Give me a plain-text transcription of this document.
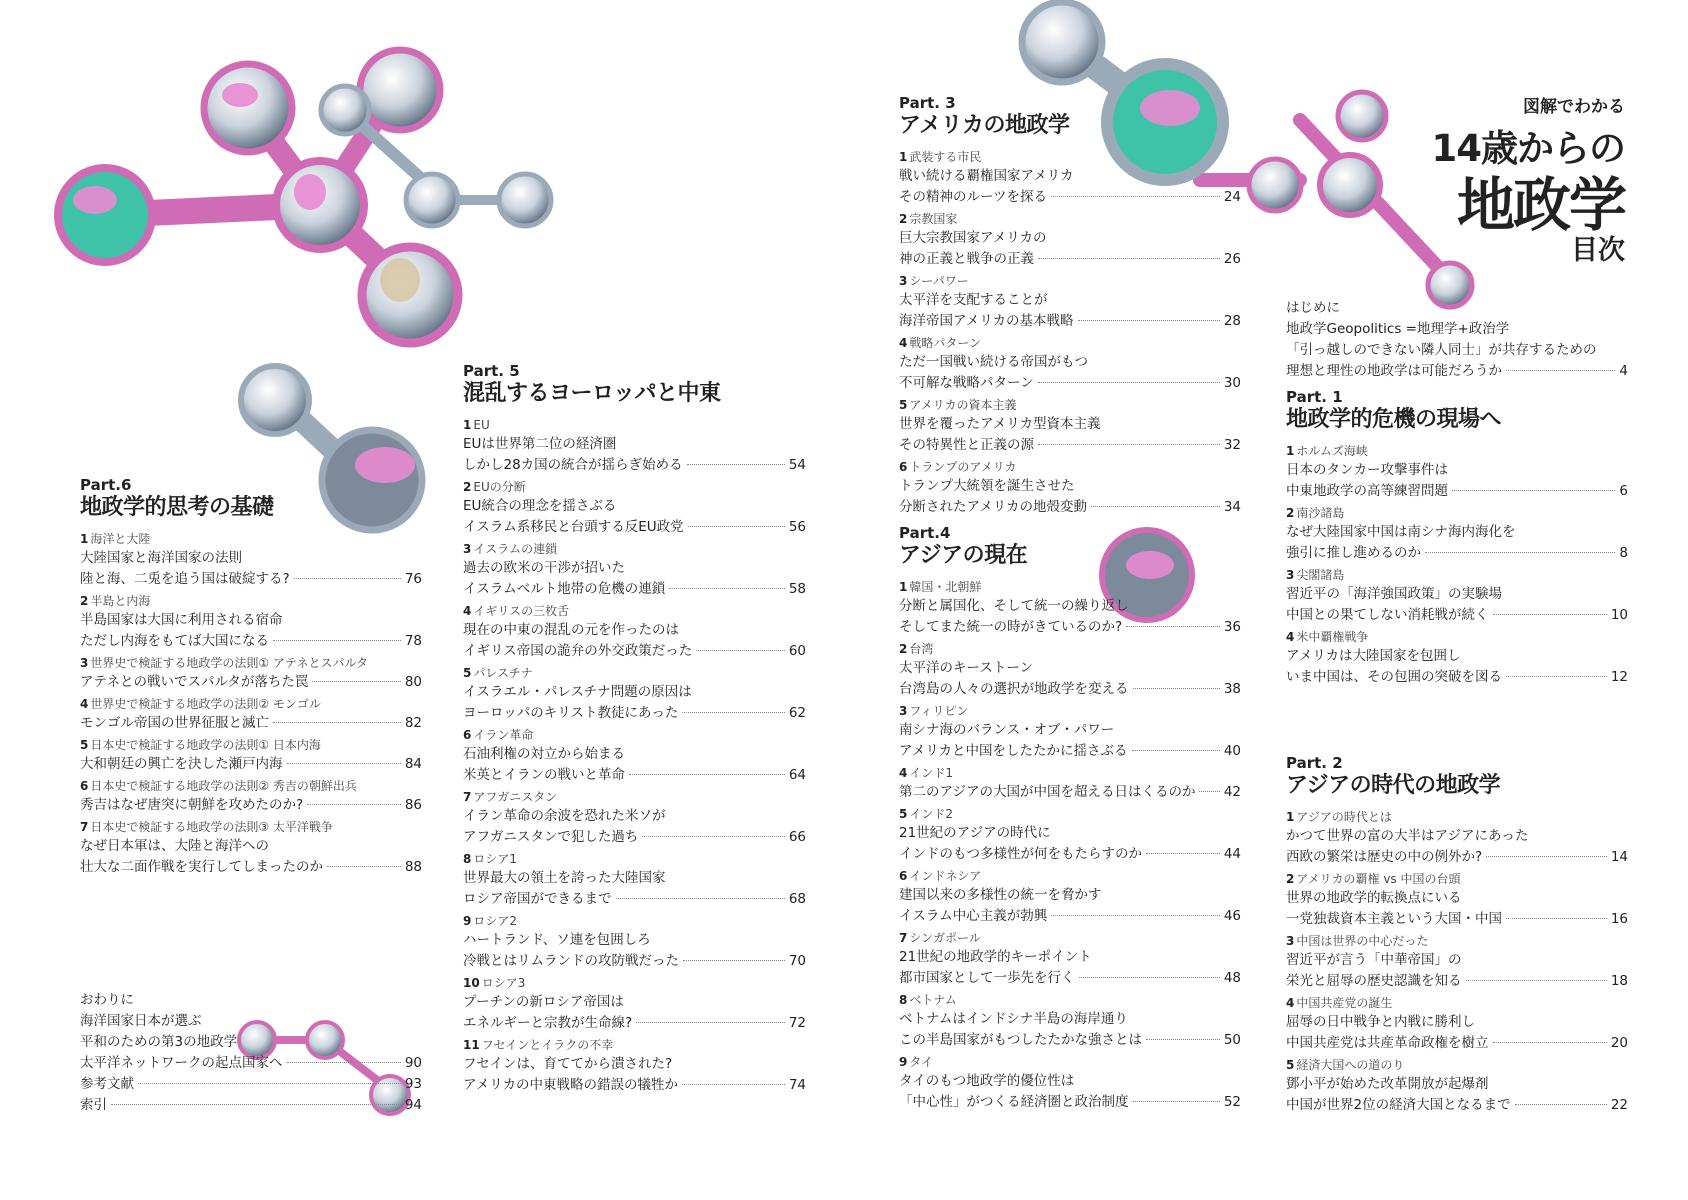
図解でわかる
14歳からの
地政学
目次
Part.6
地政学的思考の基礎
1 海洋と大陸
大陸国家と海洋国家の法則
陸と海、二兎を追う国は破綻する?	76
2 半島と内海
半島国家は大国に利用される宿命
ただし内海をもてば大国になる	78
3 世界史で検証する地政学の法則① アテネとスパルタ
アテネとの戦いでスパルタが落ちた罠	80
4 世界史で検証する地政学の法則② モンゴル
モンゴル帝国の世界征服と滅亡	82
5 日本史で検証する地政学の法則① 日本内海
大和朝廷の興亡を決した瀬戸内海	84
6 日本史で検証する地政学の法則② 秀吉の朝鮮出兵
秀吉はなぜ唐突に朝鮮を攻めたのか?	86
7 日本史で検証する地政学の法則③ 太平洋戦争
なぜ日本軍は、大陸と海洋への
壮大な二面作戦を実行してしまったのか	88
おわりに
海洋国家日本が選ぶ
平和のための第3の地政学
太平洋ネットワークの起点国家へ	90
参考文献	93
索引	94
Part. 5
混乱するヨーロッパと中東
1 EU
EUは世界第二位の経済圏
しかし28カ国の統合が揺らぎ始める	54
2 EUの分断
EU統合の理念を揺さぶる
イスラム系移民と台頭する反EU政党	56
3 イスラムの連鎖
過去の欧米の干渉が招いた
イスラムベルト地帯の危機の連鎖	58
4 イギリスの三枚舌
現在の中東の混乱の元を作ったのは
イギリス帝国の詭弁の外交政策だった	60
5 パレスチナ
イスラエル・パレスチナ問題の原因は
ヨーロッパのキリスト教徒にあった	62
6 イラン革命
石油利権の対立から始まる
米英とイランの戦いと革命	64
7 アフガニスタン
イラン革命の余波を恐れた米ソが
アフガニスタンで犯した過ち	66
8 ロシア1
世界最大の領土を誇った大陸国家
ロシア帝国ができるまで	68
9 ロシア2
ハートランド、ソ連を包囲しろ
冷戦とはリムランドの攻防戦だった	70
10 ロシア3
プーチンの新ロシア帝国は
エネルギーと宗教が生命線?	72
11 フセインとイラクの不幸
フセインは、育ててから潰された?
アメリカの中東戦略の錯誤の犠牲か	74
Part. 3
アメリカの地政学
1 武装する市民
戦い続ける覇権国家アメリカ
その精神のルーツを探る	24
2 宗教国家
巨大宗教国家アメリカの
神の正義と戦争の正義	26
3 シーパワー
太平洋を支配することが
海洋帝国アメリカの基本戦略	28
4 戦略パターン
ただ一国戦い続ける帝国がもつ
不可解な戦略パターン	30
5 アメリカの資本主義
世界を覆ったアメリカ型資本主義
その特異性と正義の源	32
6 トランプのアメリカ
トランプ大統領を誕生させた
分断されたアメリカの地殻変動	34
Part.4
アジアの現在
1 韓国・北朝鮮
分断と属国化、そして統一の繰り返し
そしてまた統一の時がきているのか?	36
2 台湾
太平洋のキーストーン
台湾島の人々の選択が地政学を変える	38
3 フィリピン
南シナ海のバランス・オブ・パワー
アメリカと中国をしたたかに揺さぶる	40
4 インド1
第二のアジアの大国が中国を超える日はくるのか 42
5 インド2
21世紀のアジアの時代に
インドのもつ多様性が何をもたらすのか	44
6 インドネシア
建国以来の多様性の統一を脅かす
イスラム中心主義が勃興	46
7 シンガポール
21世紀の地政学的キーポイント
都市国家として一歩先を行く	48
8 ベトナム
ベトナムはインドシナ半島の海岸通り
この半島国家がもつしたたかな強さとは	50
9 タイ
タイのもつ地政学的優位性は
「中心性」がつくる経済圏と政治制度	52
はじめに
地政学Geopolitics =地理学+政治学
「引っ越しのできない隣人同士」が共存するための
理想と理性の地政学は可能だろうか	4
Part. 1
地政学的危機の現場へ
1 ホルムズ海峡
日本のタンカー攻撃事件は
中東地政学の高等練習問題	6
2 南沙諸島
なぜ大陸国家中国は南シナ海内海化を
強引に推し進めるのか	8
3 尖閣諸島
習近平の「海洋強国政策」の実験場
中国との果てしない消耗戦が続く	10
4 米中覇権戦争
アメリカは大陸国家を包囲し
いま中国は、その包囲の突破を図る	12
Part. 2
アジアの時代の地政学
1 アジアの時代とは
かつて世界の富の大半はアジアにあった
西欧の繁栄は歴史の中の例外か?	14
2 アメリカの覇権 vs 中国の台頭
世界の地政学的転換点にいる
一党独裁資本主義という大国・中国	16
3 中国は世界の中心だった
習近平が言う「中華帝国」の
栄光と屈辱の歴史認識を知る	18
4 中国共産党の誕生
屈辱の日中戦争と内戦に勝利し
中国共産党は共産革命政権を樹立	20
5 経済大国への道のり
鄧小平が始めた改革開放が起爆剤
中国が世界2位の経済大国となるまで	22
